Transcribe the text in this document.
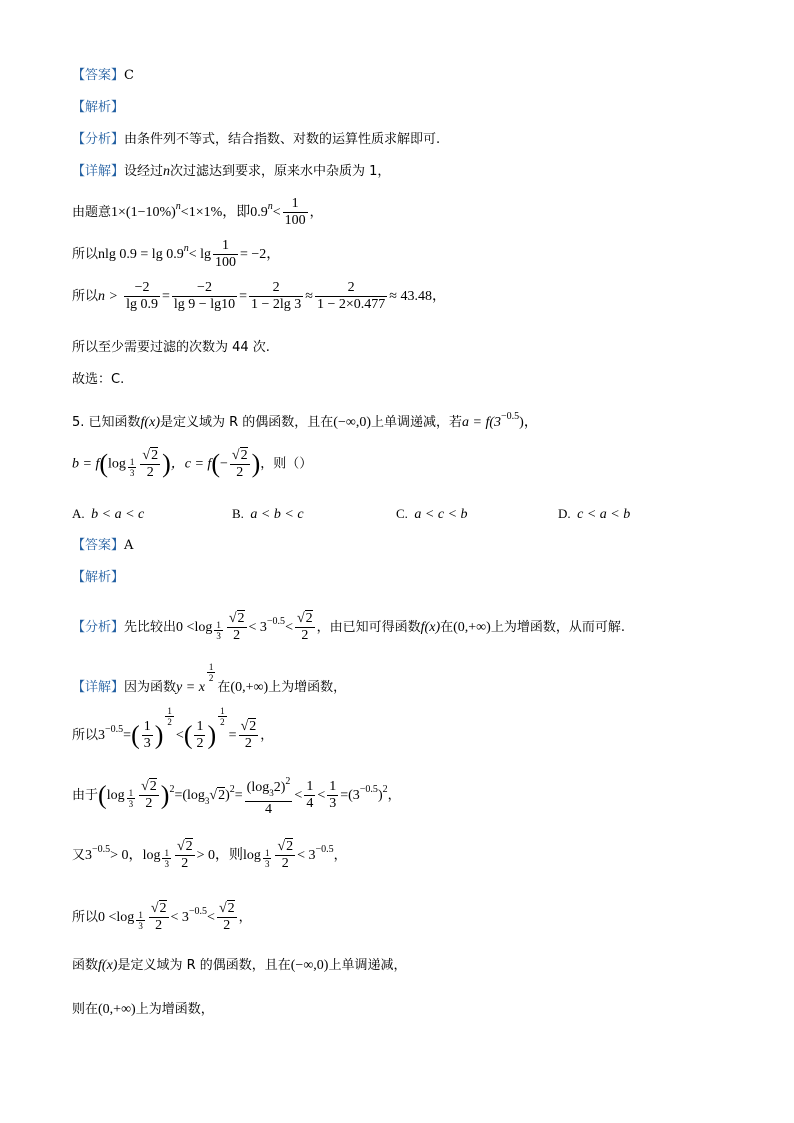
【答案】C
【解析】
【分析】由条件列不等式，结合指数、对数的运算性质求解即可.
【详解】设经过n次过滤达到要求，原来水中杂质为 1，
由题意$1\times(1-10\%)^n<1\times 1\%$，即$0.9^n< \frac{1}{100}$ ，
所以nlg $0.9 = \lg 0.9^n< \lg \frac{1}{100} = -2$，
所以$n > \frac{-2}{\lg 0.9} = \frac{-2}{\lg 9 - \lg 10} = \frac{2}{1 - 2\lg 3} \approx \frac{2}{1 - 2\times 0.477} \approx 43.48$，
所以至少需要过滤的次数为 44 次.
故选：C.
5. 已知函数f(x)是定义域为 R 的偶函数，且在(−∞,0)上单调递减，若$a = f(3^{-0.5})$，
$b = f(\log \frac{1}{3} \frac{√2}{2}$ )，$c = f(- \frac{√2}{2}$ )，则（）
A. b < a < c	B. a < b < c	C. a < c < b	D. c < a < b
【答案】A
【解析】
【分析】先比较出$0 <\log \frac{1}{3} \frac{√2}{2} < 3^{-0.5}< \frac{√2}{2}$ ，由已知可得函数f(x)在(0,+∞)上为增函数，从而可解.
【详解】因为函数y = x
$\frac{1}{2}$
在(0,+∞)上为增函数，
所以$3^{-0.5}=( \frac{1}{3}$ )
$\frac{1}{2}$
<( $\frac{1}{2}$ )
$\frac{1}{2}$
= $\frac{√2}{2}$ ，
由于$(\log \frac{1}{3} \frac{√2}{2} )^2=(\log_3√2)^2= \frac{(\log_32)^2}{4} < \frac{1}{4} < \frac{1}{3} =(3^{-0.5})^2$，
又$3^{-0.5}> 0$，$\log \frac{1}{3} \frac{√2}{2} > 0$，则$\log \frac{1}{3} \frac{√2}{2} < 3^{-0.5}$，
所以$0 <\log \frac{1}{3} \frac{√2}{2} < 3^{-0.5}< \frac{√2}{2}$ ，
函数f(x)是定义域为 R 的偶函数，且在(−∞,0)上单调递减，
则在(0,+∞)上为增函数，
